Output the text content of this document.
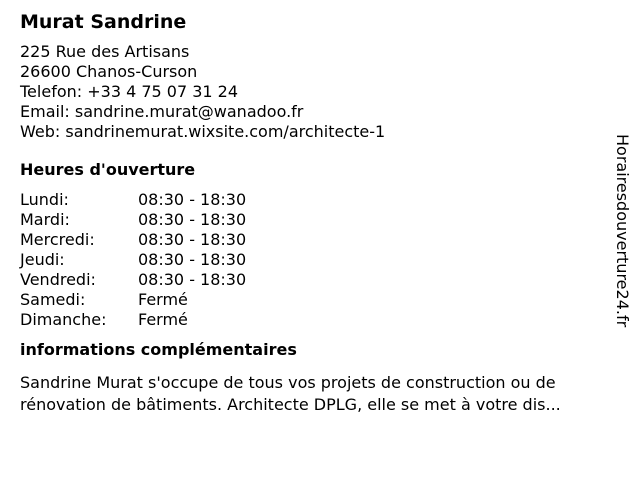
Murat Sandrine
225 Rue des Artisans
26600 Chanos-Curson
Telefon: +33 4 75 07 31 24
Email: sandrine.murat@wanadoo.fr
Web: sandrinemurat.wixsite.com/architecte-1
Heures d'ouverture
Lundi:	08:30 - 18:30
Mardi:	08:30 - 18:30
Mercredi:	08:30 - 18:30
Jeudi:	08:30 - 18:30
Vendredi:	08:30 - 18:30
Samedi:	Fermé
Dimanche:	Fermé
informations complémentaires
Sandrine Murat s'occupe de tous vos projets de construction ou de rénovation de bâtiments. Architecte DPLG, elle se met à votre dis...
Horairesdouverture24.fr
